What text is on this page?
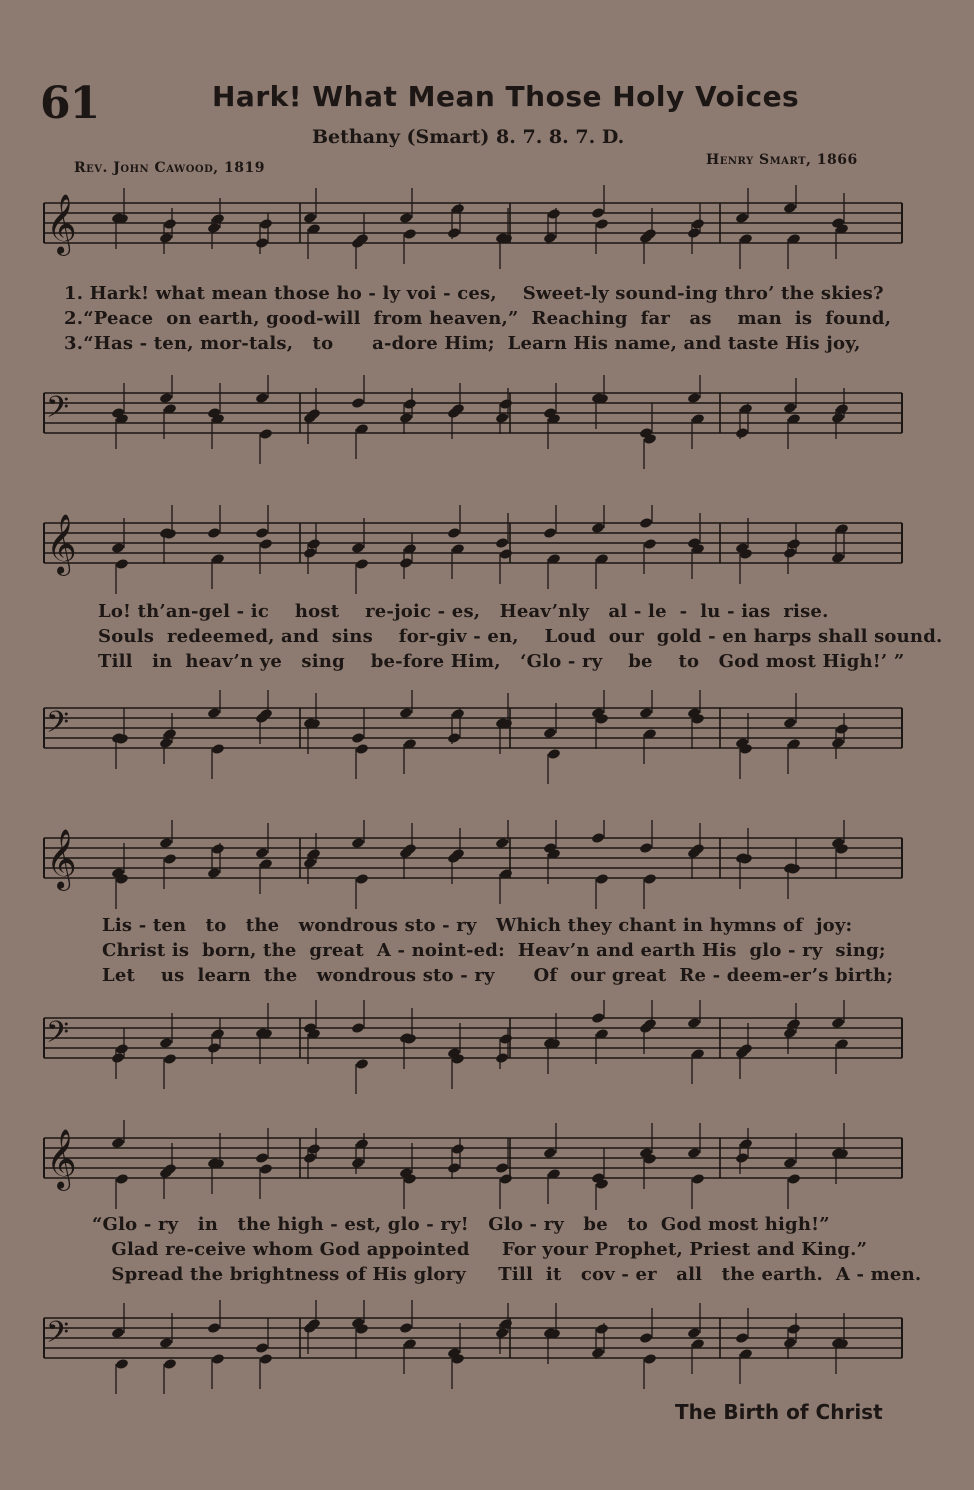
61	Hark! What Mean Those Holy Voices
Bethany (Smart) 8. 7. 8. 7. D.
Rev. John Cawood, 1819	Henry Smart, 1866
𝄞
1. Hark! what mean those ho - ly voi - ces,    Sweet-ly sound-ing thro’ the skies?
2.“Peace  on earth, good-will  from heaven,”  Reaching  far   as    man  is  found,
3.“Has - ten, mor-tals,   to      a-dore Him;  Learn His name, and taste His joy,
𝄢
𝄞
Lo! th’an-gel - ic    host    re-joic - es,   Heav’nly   al - le  -  lu - ias  rise.
Souls  redeemed, and  sins    for-giv - en,    Loud  our  gold - en harps shall sound.
Till   in  heav’n ye   sing    be-fore Him,   ‘Glo - ry    be    to   God most High!’ ”
𝄢
𝄞
Lis - ten   to   the   wondrous sto - ry   Which they chant in hymns of  joy:
Christ is  born, the  great  A - noint-ed:  Heav’n and earth His  glo - ry  sing;
Let    us  learn  the   wondrous sto - ry      Of  our great  Re - deem-er’s birth;
𝄢
𝄞
“Glo - ry   in   the high - est, glo - ry!   Glo - ry   be   to  God most high!”
Glad re-ceive whom God appointed     For your Prophet, Priest and King.”
Spread the brightness of His glory     Till  it   cov - er   all   the earth.  A - men.
𝄢
The Birth of Christ
